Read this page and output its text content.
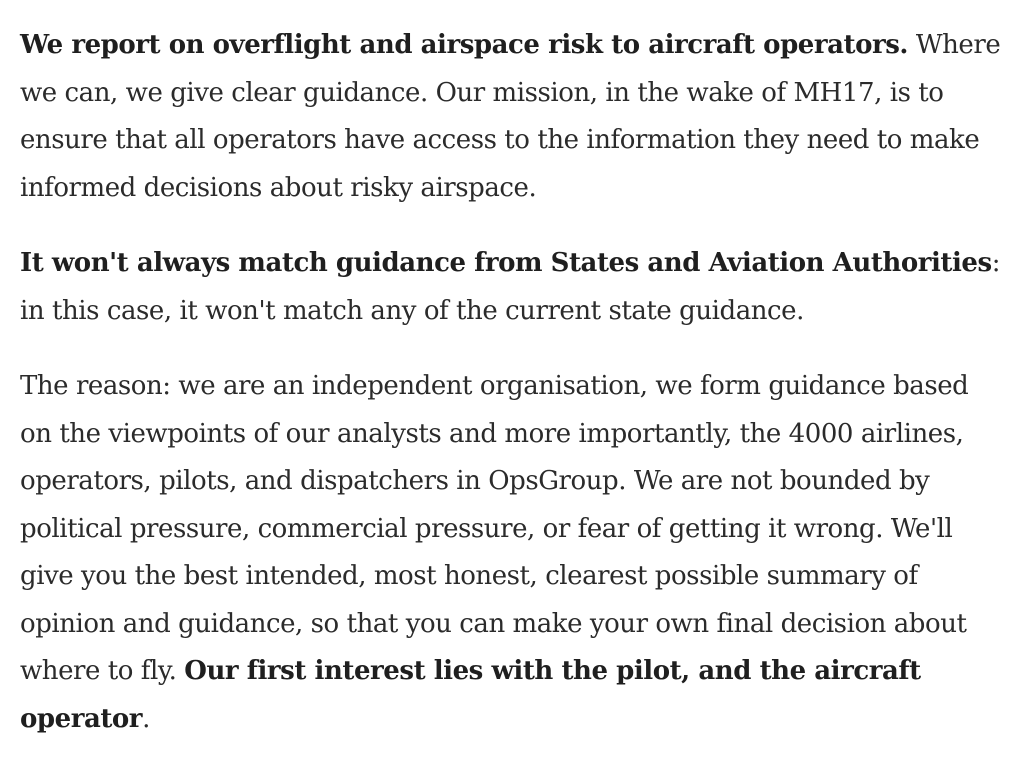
We report on overflight and airspace risk to aircraft operators. Where we can, we give clear guidance. Our mission, in the wake of MH17, is to ensure that all operators have access to the information they need to make informed decisions about risky airspace.

It won't always match guidance from States and Aviation Authorities: in this case, it won't match any of the current state guidance.

The reason: we are an independent organisation, we form guidance based on the viewpoints of our analysts and more importantly, the 4000 airlines, operators, pilots, and dispatchers in OpsGroup. We are not bounded by political pressure, commercial pressure, or fear of getting it wrong. We'll give you the best intended, most honest, clearest possible summary of opinion and guidance, so that you can make your own final decision about where to fly. Our first interest lies with the pilot, and the aircraft operator.
